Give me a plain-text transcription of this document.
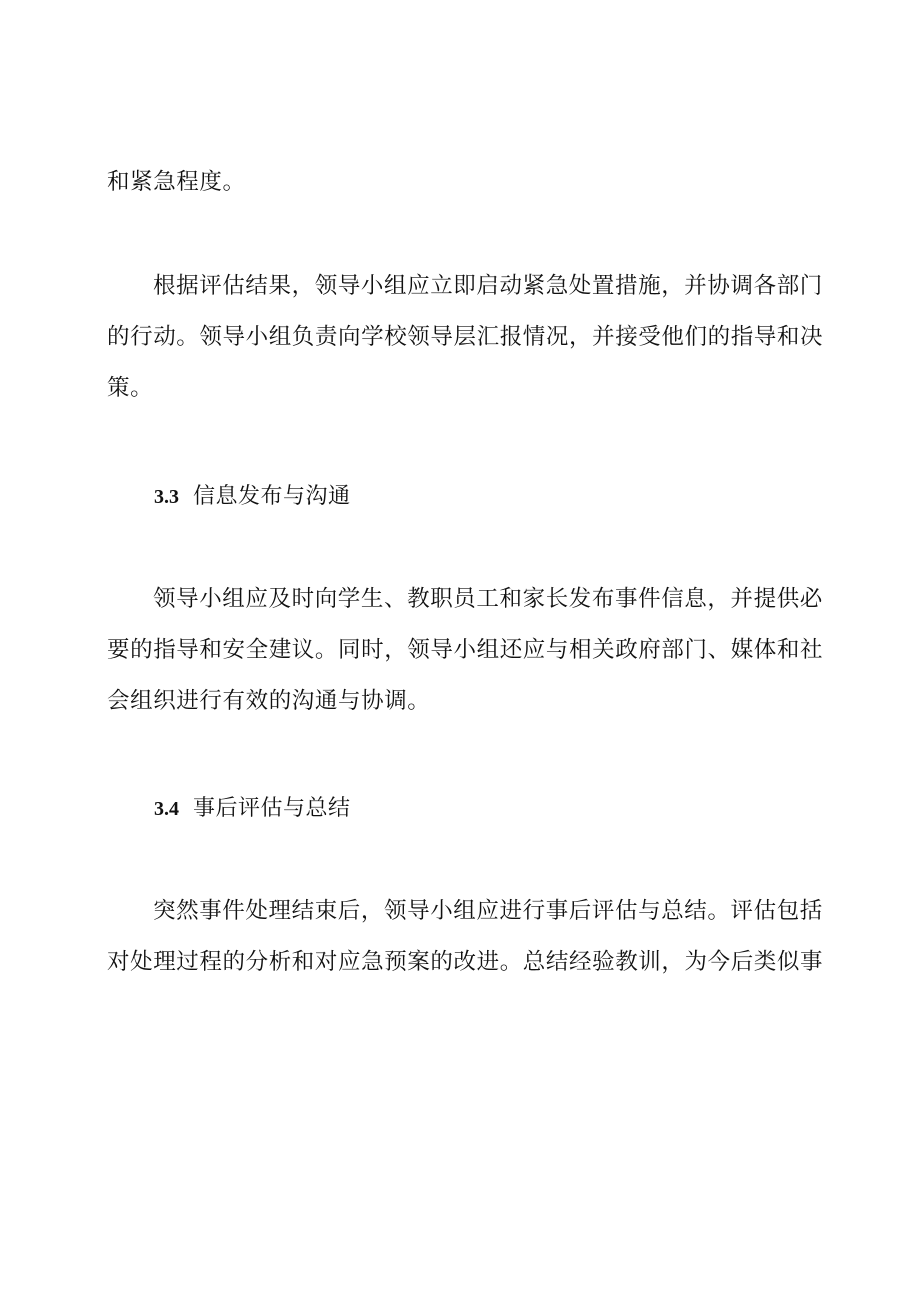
和紧急程度。
根据评估结果，领导小组应立即启动紧急处置措施，并协调各部门
的行动。领导小组负责向学校领导层汇报情况，并接受他们的指导和决
策。
3.3 信息发布与沟通
领导小组应及时向学生、教职员工和家长发布事件信息，并提供必
要的指导和安全建议。同时，领导小组还应与相关政府部门、媒体和社
会组织进行有效的沟通与协调。
3.4 事后评估与总结
突然事件处理结束后，领导小组应进行事后评估与总结。评估包括
对处理过程的分析和对应急预案的改进。总结经验教训，为今后类似事
